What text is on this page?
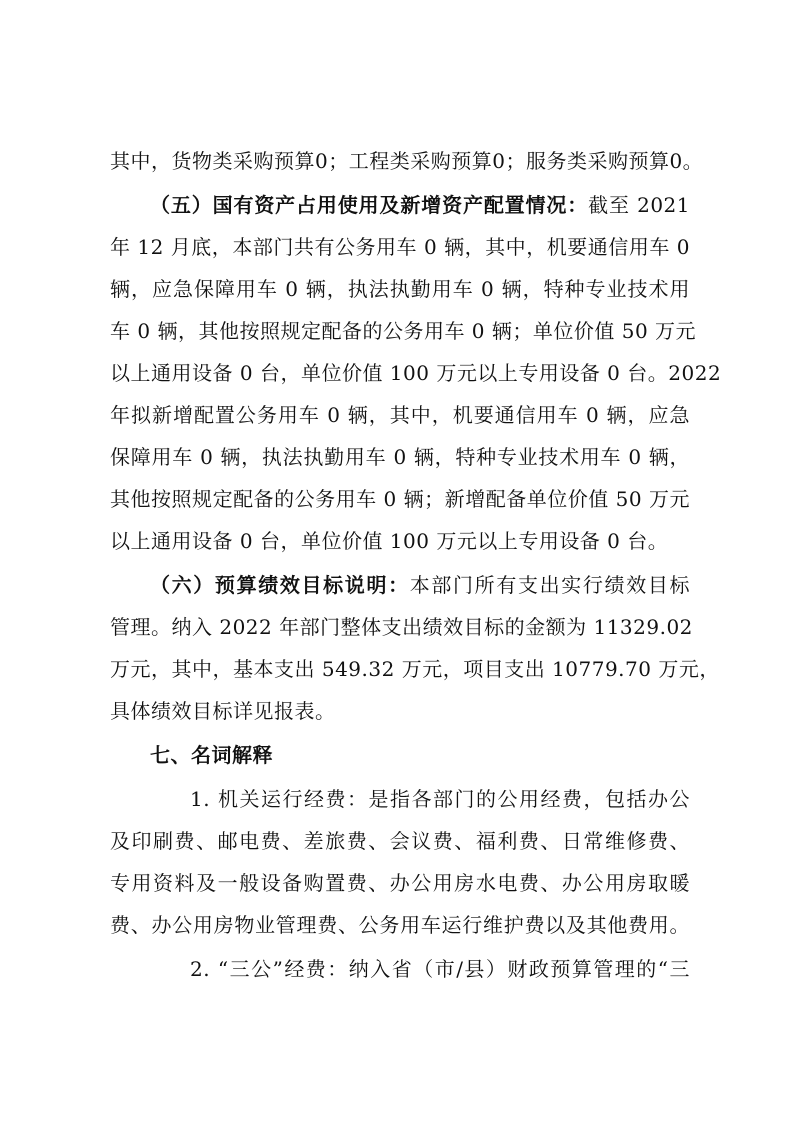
其中，货物类采购预算0；工程类采购预算0；服务类采购预算0。
（五）国有资产占用使用及新增资产配置情况：截至 2021
年 12 月底，本部门共有公务用车 0 辆，其中，机要通信用车 0
辆，应急保障用车 0 辆，执法执勤用车 0 辆，特种专业技术用
车 0 辆，其他按照规定配备的公务用车 0 辆；单位价值 50 万元
以上通用设备 0 台，单位价值 100 万元以上专用设备 0 台。2022
年拟新增配置公务用车 0 辆，其中，机要通信用车 0 辆，应急
保障用车 0 辆，执法执勤用车 0 辆，特种专业技术用车 0 辆，
其他按照规定配备的公务用车 0 辆；新增配备单位价值 50 万元
以上通用设备 0 台，单位价值 100 万元以上专用设备 0 台。
（六）预算绩效目标说明：本部门所有支出实行绩效目标
管理。纳入 2022 年部门整体支出绩效目标的金额为 11329.02
万元，其中，基本支出 549.32 万元，项目支出 10779.70 万元，
具体绩效目标详见报表。
七、名词解释
1. 机关运行经费：是指各部门的公用经费，包括办公
及印刷费、邮电费、差旅费、会议费、福利费、日常维修费、
专用资料及一般设备购置费、办公用房水电费、办公用房取暖
费、办公用房物业管理费、公务用车运行维护费以及其他费用。
2. “三公”经费：纳入省（市/县）财政预算管理的“三
